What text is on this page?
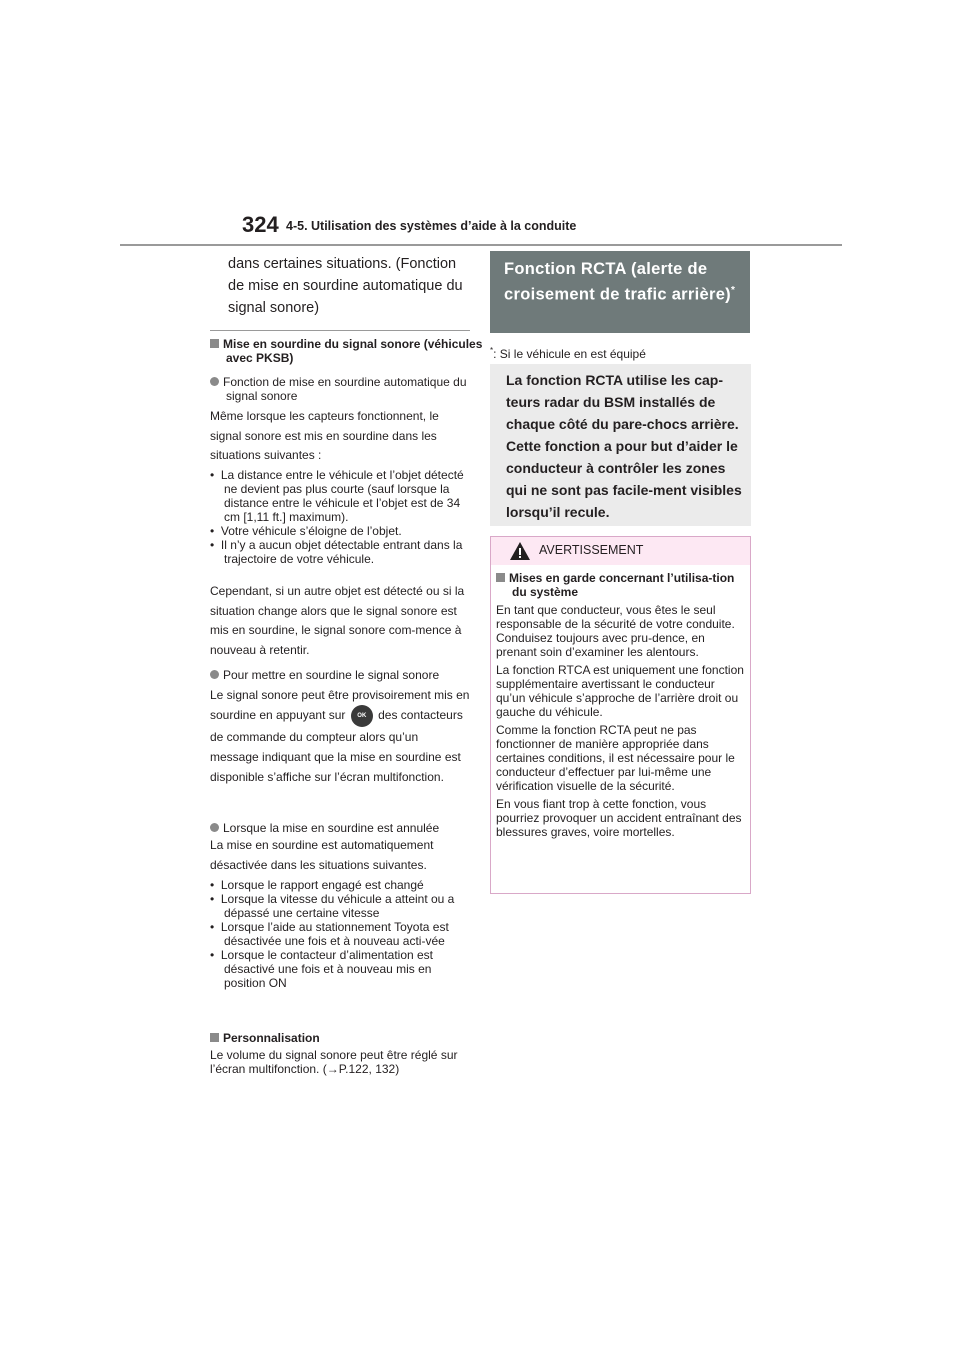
324 4-5. Utilisation des systèmes d’aide à la conduite
dans certaines situations. (Fonction de mise en sourdine automatique du signal sonore)
Mise en sourdine du signal sonore (véhicules avec PKSB)
Fonction de mise en sourdine automatique du signal sonore
Même lorsque les capteurs fonctionnent, le signal sonore est mis en sourdine dans les situations suivantes :
•  La distance entre le véhicule et l’objet détecté ne devient pas plus courte (sauf lorsque la distance entre le véhicule et l’objet est de 34 cm [1,11 ft.] maximum).
•  Votre véhicule s’éloigne de l’objet.
•  Il n’y a aucun objet détectable entrant dans la trajectoire de votre véhicule.
Cependant, si un autre objet est détecté ou si la situation change alors que le signal sonore est mis en sourdine, le signal sonore com-mence à nouveau à retentir.
Pour mettre en sourdine le signal sonore
Le signal sonore peut être provisoirement mis en sourdine en appuyant sur OK des contacteurs de commande du compteur alors qu’un message indiquant que la mise en sourdine est disponible s’affiche sur l’écran multifonction.
Lorsque la mise en sourdine est annulée
La mise en sourdine est automatiquement désactivée dans les situations suivantes.
•  Lorsque le rapport engagé est changé
•  Lorsque la vitesse du véhicule a atteint ou a dépassé une certaine vitesse
•  Lorsque l’aide au stationnement Toyota est désactivée une fois et à nouveau acti-vée
•  Lorsque le contacteur d’alimentation est désactivé une fois et à nouveau mis en position ON
Personnalisation
Le volume du signal sonore peut être réglé sur l’écran multifonction. (→P.122, 132)
Fonction RCTA (alerte de croisement de trafic arrière)*
*: Si le véhicule en est équipé
La fonction RCTA utilise les cap-teurs radar du BSM installés de chaque côté du pare-chocs arrière. Cette fonction a pour but d’aider le conducteur à contrôler les zones qui ne sont pas facile-ment visibles lorsqu’il recule.
AVERTISSEMENT
Mises en garde concernant l’utilisa-tion du système
En tant que conducteur, vous êtes le seul responsable de la sécurité de votre conduite. Conduisez toujours avec pru-dence, en prenant soin d’examiner les alentours.
La fonction RTCA est uniquement une fonction supplémentaire avertissant le conducteur qu’un véhicule s’approche de l’arrière droit ou gauche du véhicule.
Comme la fonction RCTA peut ne pas fonctionner de manière appropriée dans certaines conditions, il est nécessaire pour le conducteur d’effectuer par lui-même une vérification visuelle de la sécurité.
En vous fiant trop à cette fonction, vous pourriez provoquer un accident entraînant des blessures graves, voire mortelles.
